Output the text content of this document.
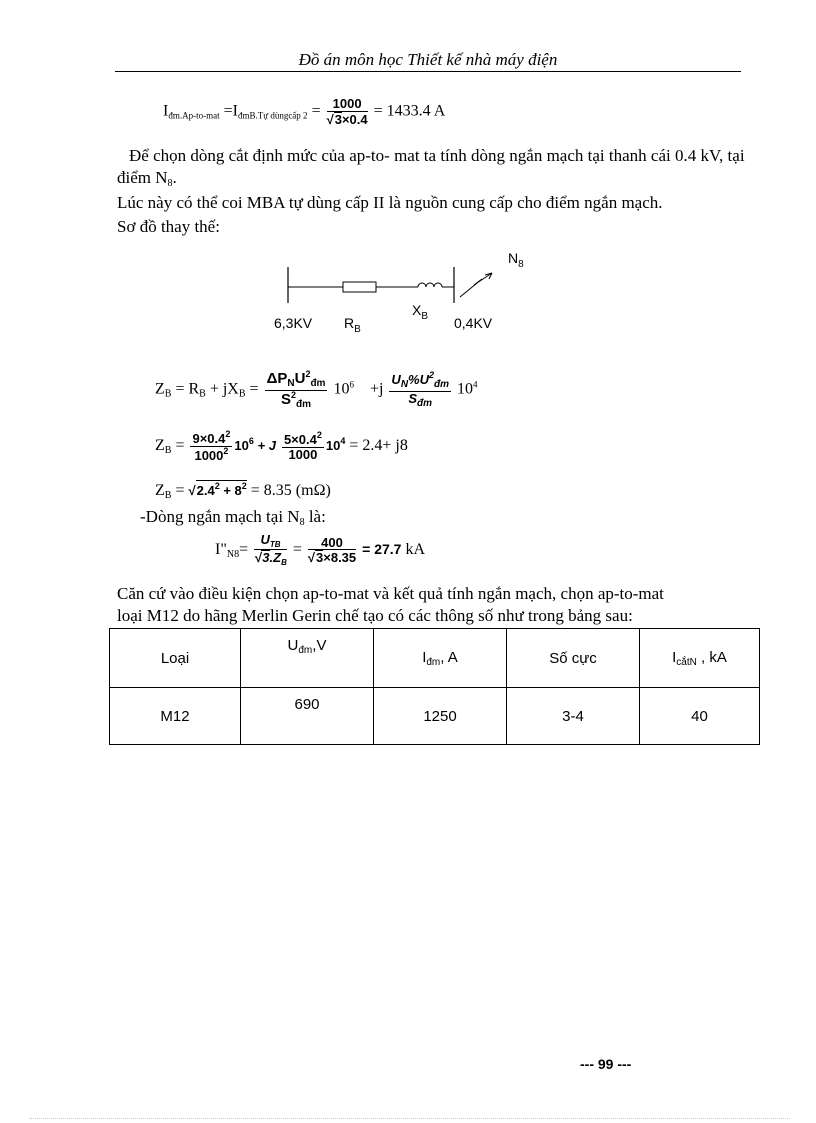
Đồ án môn học Thiết kế nhà máy điện
Iđm.Ap-to-mat =IđmB.Tự dùngcấp $2 = \frac{1000}{√3\times 0.4} = 1433.4$ A
Để chọn dòng cắt định mức của ap-to- mat ta tính dòng ngắn mạch tại thanh cái 0.4 kV, tại điểm $N_8$.
Lúc này có thể coi MBA tự dùng cấp II là nguồn cung cấp cho điểm ngắn mạch.
Sơ đồ thay thế:
$N_8$
6,3KV $R_B$
$X_B$ 0,4KV
$Z_B = R_B + jX_B = \frac{\Delta P_NU^2_{đm}}{S^2_{đm}} 10^6 +j \frac{U_N\%U^2_{đm}}{S_{đm}} 10^4$
$Z_B = \frac{9\times 0.4^2}{1000^2} 10^6 + J \frac{5\times 0.4^2}{1000} 10^4 = 2.4+ j8$
$Z_B = √2.4^2 + 8^2 = 8.35$ (mΩ)
-Dòng ngắn mạch tại $N_8$ là:
$I"_{N8}= \frac{U_{TB}}{√3.Z_B} = \frac{400}{√3\times 8.35} = 27.7$ kA
Căn cứ vào điều kiện chọn ap-to-mat và kết quả tính ngắn mạch, chọn ap-to-mat
loại M12 do hãng Merlin Gerin chế tạo có các thông số như trong bảng sau:
Loại	$U_{đm},V$	$I_{đm}$, A	Số cực	$I_{cắtN}$ , kA
M12	690	1250	3-4	40
--- 99 ---
